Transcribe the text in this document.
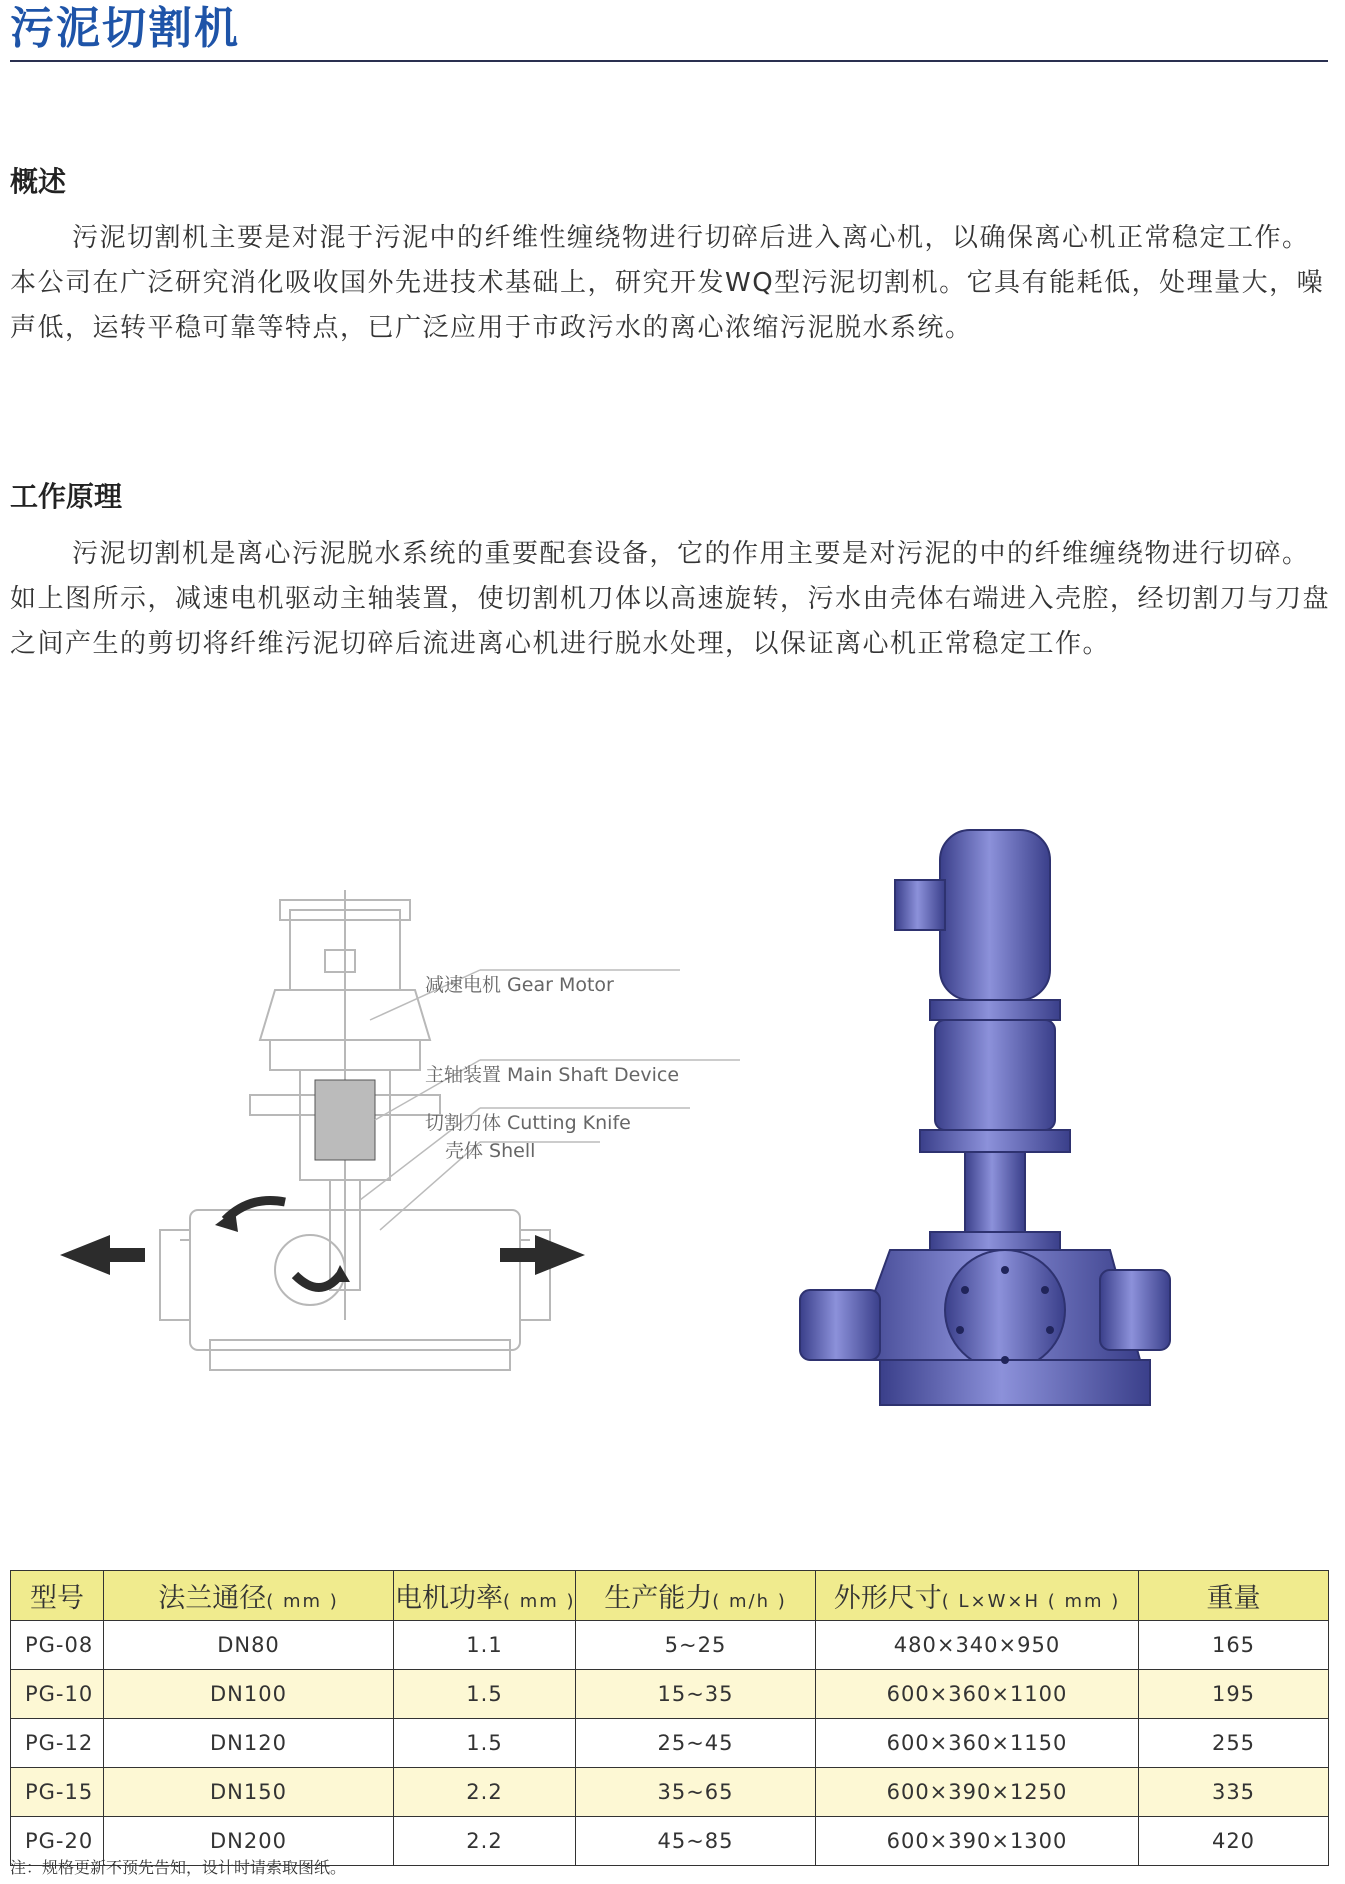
污泥切割机
概述

污泥切割机主要是对混于污泥中的纤维性缠绕物进行切碎后进入离心机，以确保离心机正常稳定工作。本公司在广泛研究消化吸收国外先进技术基础上，研究开发WQ型污泥切割机。它具有能耗低，处理量大，噪声低，运转平稳可靠等特点，已广泛应用于市政污水的离心浓缩污泥脱水系统。

工作原理

污泥切割机是离心污泥脱水系统的重要配套设备，它的作用主要是对污泥的中的纤维缠绕物进行切碎。如上图所示，减速电机驱动主轴装置，使切割机刀体以高速旋转，污水由壳体右端进入壳腔，经切割刀与刀盘之间产生的剪切将纤维污泥切碎后流进离心机进行脱水处理，以保证离心机正常稳定工作。

减速电机 Gear Motor
主轴装置 Main Shaft Device
切割刀体 Cutting Knife
壳体 Shell
型号	法兰通径( mm )	电机功率( mm )	生产能力( m/h )	外形尺寸( L×W×H ( mm )	重量
PG-08	DN80	1.1	5~25	480×340×950	165
PG-10	DN100	1.5	15~35	600×360×1100	195
PG-12	DN120	1.5	25~45	600×360×1150	255
PG-15	DN150	2.2	35~65	600×390×1250	335
PG-20	DN200	2.2	45~85	600×390×1300	420

注：规格更新不预先告知，设计时请索取图纸。
